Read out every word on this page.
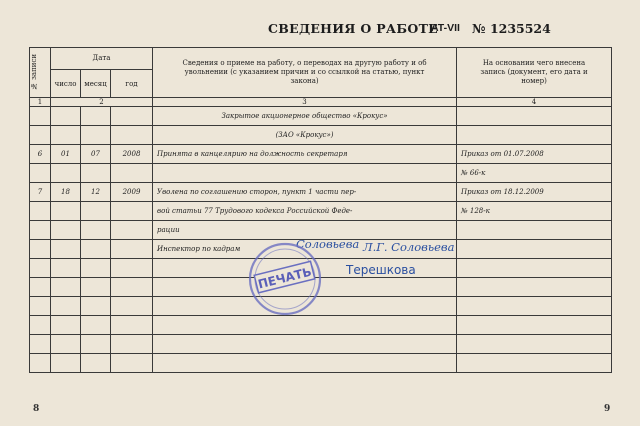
СВЕДЕНИЯ О РАБОТЕ
AT-VII № 1235524
№ записи	Дата			Сведения о приеме на работу, о переводах на другую работу и об увольнении (с указанием причин и со ссылкой на статью, пункт закона)	На основании чего внесена запись (документ, его дата и номер)
	число	месяц	год		
1	2			3	4
				Закрытое акционерное общество «Крокус»	
				(ЗАО «Крокус»)	
6	01	07	2008	Принята в канцелярию на должность секретаря	Приказ от 01.07.2008
					№ 66-к
7	18	12	2009	Уволена по соглашению сторон, пункт 1 части пер-	Приказ от 18.12.2009
				вой статьи 77 Трудового кодекса Российской Феде-	№ 128-к
				рации	
				Инспектор по кадрам	

						Соловьева Л.Г. Соловьева
Терешкова
ПЕЧАТЬ
8	9
